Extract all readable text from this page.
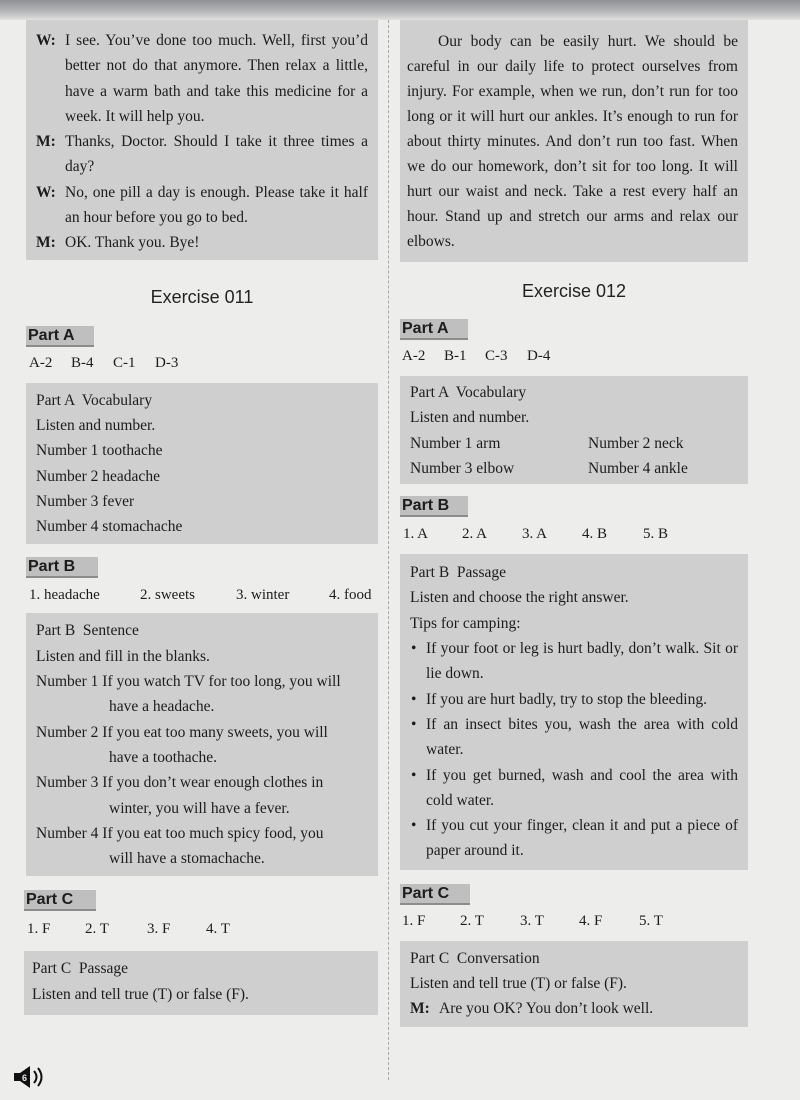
W: I see. You’ve done too much. Well, first you’d better not do that anymore. Then relax a little, have a warm bath and take this medicine for a week. It will help you.
M: Thanks, Doctor. Should I take it three times a day?
W: No, one pill a day is enough. Please take it half an hour before you go to bed.
M: OK. Thank you. Bye!
Exercise 011
Part A
A-2	B-4	C-1	D-3
Part A  Vocabulary
Listen and number.
Number 1 toothache
Number 2 headache
Number 3 fever
Number 4 stomachache
Part B
1. headache	2. sweets	3. winter	4. food
Part B  Sentence
Listen and fill in the blanks.
Number 1 If you watch TV for too long, you will
have a headache.
Number 2 If you eat too many sweets, you will
have a toothache.
Number 3 If you don’t wear enough clothes in
winter, you will have a fever.
Number 4 If you eat too much spicy food, you
will have a stomachache.
Part C
1. F	2. T	3. F	4. T
Part C  Passage
Listen and tell true (T) or false (F).
Our body can be easily hurt. We should be careful in our daily life to protect ourselves from injury. For example, when we run, don’t run for too long or it will hurt our ankles. It’s enough to run for about thirty minutes. And don’t run too fast. When we do our homework, don’t sit for too long. It will hurt our waist and neck. Take a rest every half an hour. Stand up and stretch our arms and relax our elbows.
Exercise 012
Part A
A-2	B-1	C-3	D-4
Part A  Vocabulary
Listen and number.
Number 1 arm	Number 2 neck
Number 3 elbow	Number 4 ankle
Part B
1. A	2. A	3. A	4. B	5. B
Part B  Passage
Listen and choose the right answer.
Tips for camping:
• If your foot or leg is hurt badly, don’t walk. Sit or lie down.
• If you are hurt badly, try to stop the bleeding.
• If an insect bites you, wash the area with cold water.
• If you get burned, wash and cool the area with cold water.
• If you cut your finger, clean it and put a piece of paper around it.
Part C
1. F	2. T	3. T	4. F	5. T
Part C  Conversation
Listen and tell true (T) or false (F).
M: Are you OK? You don’t look well.
6
